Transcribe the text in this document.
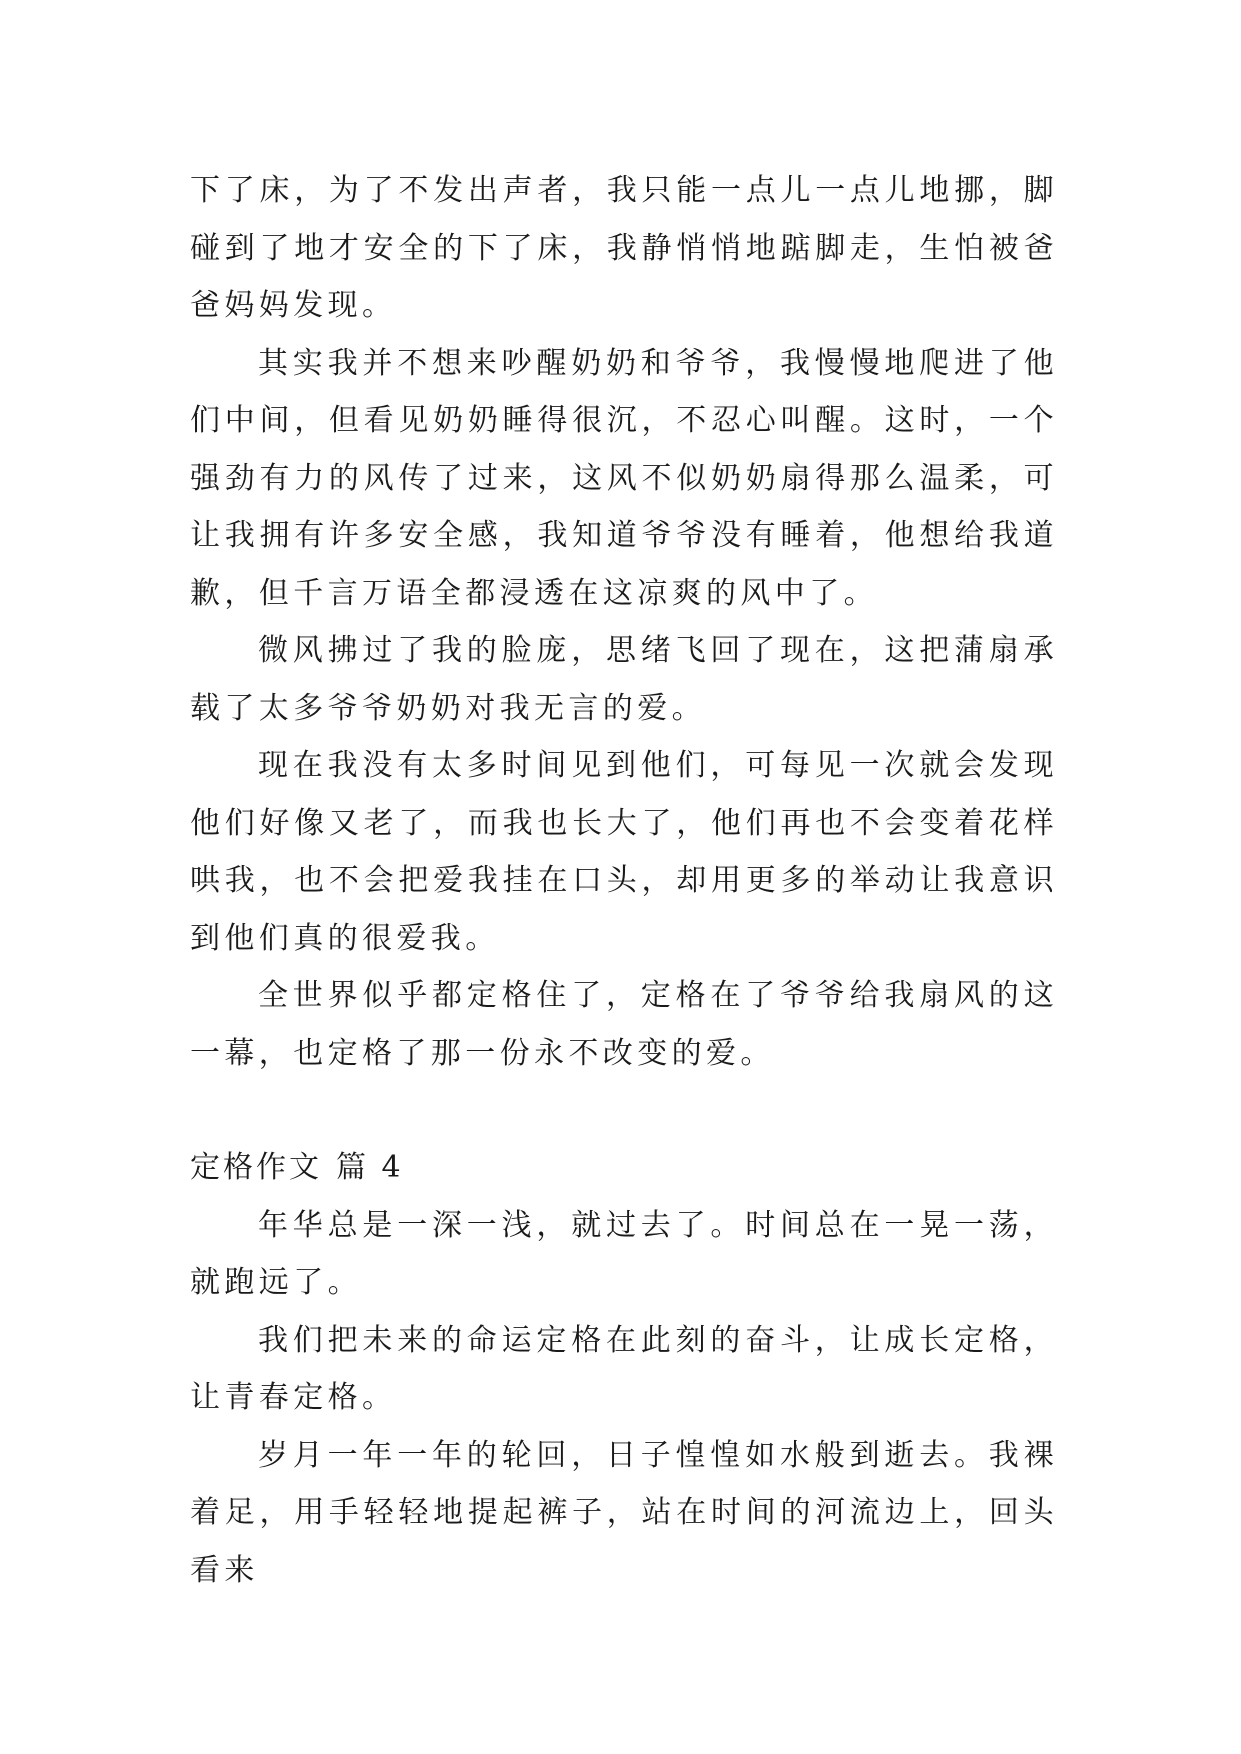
下了床，为了不发出声者，我只能一点儿一点儿地挪，脚碰到了地才安全的下了床，我静悄悄地踮脚走，生怕被爸爸妈妈发现。

其实我并不想来吵醒奶奶和爷爷，我慢慢地爬进了他们中间，但看见奶奶睡得很沉，不忍心叫醒。这时，一个强劲有力的风传了过来，这风不似奶奶扇得那么温柔，可让我拥有许多安全感，我知道爷爷没有睡着，他想给我道歉，但千言万语全都浸透在这凉爽的风中了。

微风拂过了我的脸庞，思绪飞回了现在，这把蒲扇承载了太多爷爷奶奶对我无言的爱。

现在我没有太多时间见到他们，可每见一次就会发现他们好像又老了，而我也长大了，他们再也不会变着花样哄我，也不会把爱我挂在口头，却用更多的举动让我意识到他们真的很爱我。

全世界似乎都定格住了，定格在了爷爷给我扇风的这一幕，也定格了那一份永不改变的爱。

定格作文 篇 4

年华总是一深一浅，就过去了。时间总在一晃一荡，就跑远了。

我们把未来的命运定格在此刻的奋斗，让成长定格，让青春定格。

岁月一年一年的轮回，日子惶惶如水般到逝去。我裸着足，用手轻轻地提起裤子，站在时间的河流边上，回头看来
